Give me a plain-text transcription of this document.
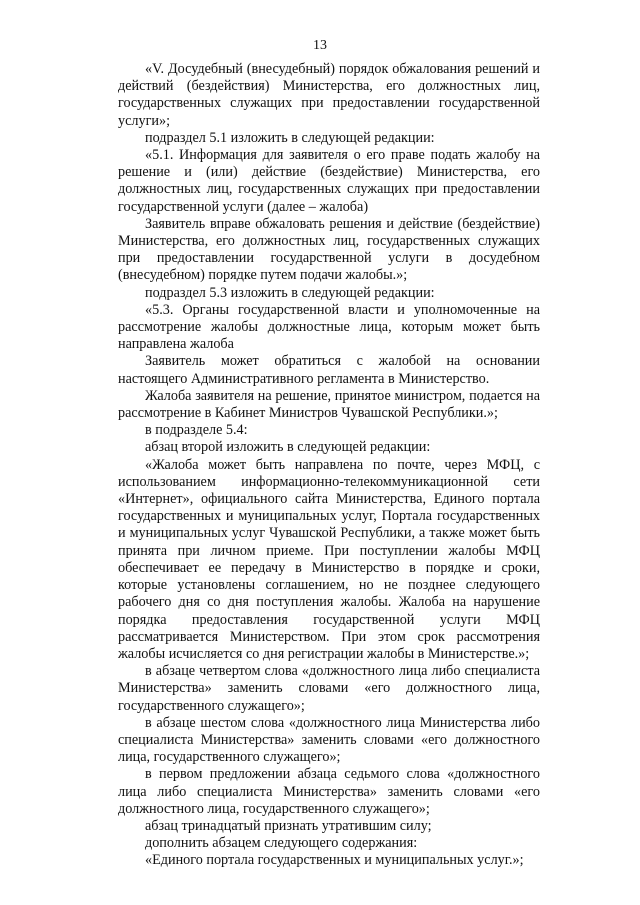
13

«V. Досудебный (внесудебный) порядок обжалования решений и действий (бездействия) Министерства, его должностных лиц, государственных служащих при предоставлении государственной услуги»;

подраздел 5.1 изложить в следующей редакции:

«5.1. Информация для заявителя о его праве подать жалобу на решение и (или) действие (бездействие) Министерства, его должностных лиц, государственных служащих при предоставлении государственной услуги (далее – жалоба)

Заявитель вправе обжаловать решения и действие (бездействие) Министерства, его должностных лиц, государственных служащих при предоставлении государственной услуги в досудебном (внесудебном) порядке путем подачи жалобы.»;

подраздел 5.3 изложить в следующей редакции:

«5.3. Органы государственной власти и уполномоченные на рассмотрение жалобы должностные лица, которым может быть направлена жалоба

Заявитель может обратиться с жалобой на основании настоящего Административного регламента в Министерство.

Жалоба заявителя на решение, принятое министром, подается на рассмотрение в Кабинет Министров Чувашской Республики.»;

в подразделе 5.4:

абзац второй изложить в следующей редакции:

«Жалоба может быть направлена по почте, через МФЦ, с использованием информационно-телекоммуникационной сети «Интернет», официального сайта Министерства, Единого портала государственных и муниципальных услуг, Портала государственных и муниципальных услуг Чувашской Республики, а также может быть принята при личном приеме. При поступлении жалобы МФЦ обеспечивает ее передачу в Министерство в порядке и сроки, которые установлены соглашением, но не позднее следующего рабочего дня со дня поступления жалобы. Жалоба на нарушение порядка предоставления государственной услуги МФЦ рассматривается Министерством. При этом срок рассмотрения жалобы исчисляется со дня регистрации жалобы в Министерстве.»;

в абзаце четвертом слова «должностного лица либо специалиста Министерства» заменить словами «его должностного лица, государственного служащего»;

в абзаце шестом слова «должностного лица Министерства либо специалиста Министерства» заменить словами «его должностного лица, государственного служащего»;

в первом предложении абзаца седьмого слова «должностного лица либо специалиста Министерства» заменить словами «его должностного лица, государственного служащего»;

абзац тринадцатый признать утратившим силу;

дополнить абзацем следующего содержания:

«Единого портала государственных и муниципальных услуг.»;
